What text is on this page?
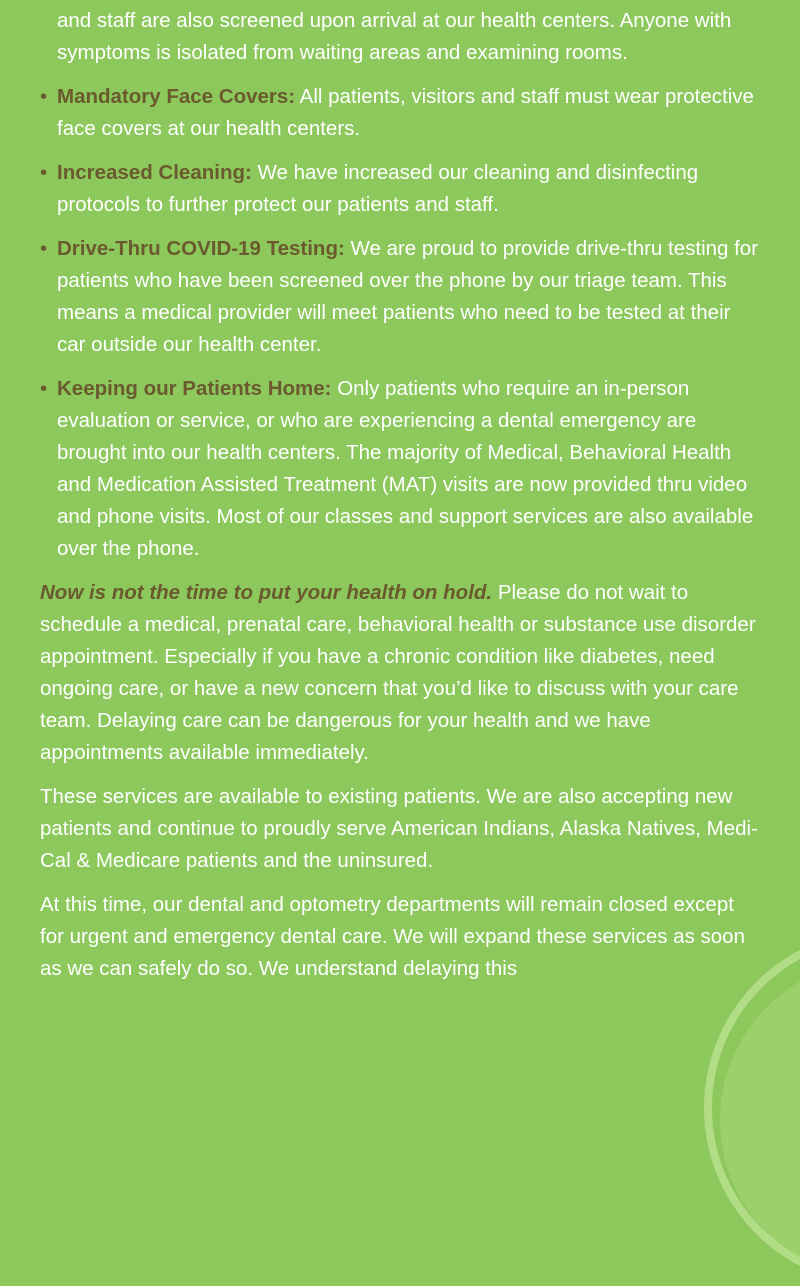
and staff are also screened upon arrival at our health centers. Anyone with symptoms is isolated from waiting areas and examining rooms.
• Mandatory Face Covers: All patients, visitors and staff must wear protective face covers at our health centers.
• Increased Cleaning: We have increased our cleaning and disinfecting protocols to further protect our patients and staff.
• Drive-Thru COVID-19 Testing: We are proud to provide drive-thru testing for patients who have been screened over the phone by our triage team. This means a medical provider will meet patients who need to be tested at their car outside our health center.
• Keeping our Patients Home: Only patients who require an in-person evaluation or service, or who are experiencing a dental emergency are brought into our health centers. The majority of Medical, Behavioral Health and Medication Assisted Treatment (MAT) visits are now provided thru video and phone visits. Most of our classes and support services are also available over the phone.

Now is not the time to put your health on hold. Please do not wait to schedule a medical, prenatal care, behavioral health or substance use disorder appointment. Especially if you have a chronic condition like diabetes, need ongoing care, or have a new concern that you’d like to discuss with your care team. Delaying care can be dangerous for your health and we have appointments available immediately.

These services are available to existing patients. We are also accepting new patients and continue to proudly serve American Indians, Alaska Natives, Medi-Cal & Medicare patients and the uninsured.

At this time, our dental and optometry departments will remain closed except for urgent and emergency dental care. We will expand these services as soon as we can safely do so. We understand delaying this
